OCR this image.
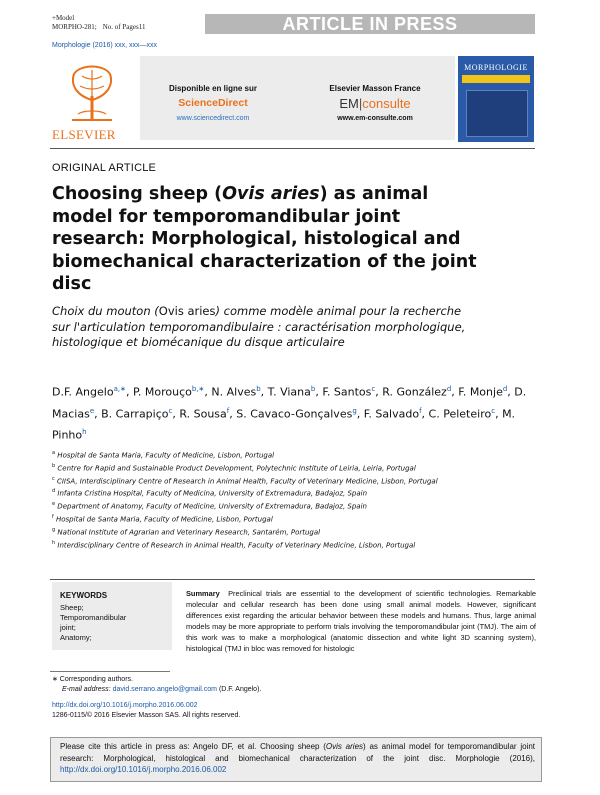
+Model
MORPHO-281; No. of Pages11	ARTICLE IN PRESS
Morphologie (2016) xxx, xxx—xxx
ELSEVIER
Disponible en ligne sur
ScienceDirect
www.sciencedirect.com
Elsevier Masson France
EM|consulte
www.em-consulte.com
MORPHOLOGIE
ORIGINAL ARTICLE
Choosing sheep (Ovis aries) as animal model for temporomandibular joint research: Morphological, histological and biomechanical characterization of the joint disc
Choix du mouton (Ovis aries) comme modèle animal pour la recherche sur l'articulation temporomandibulaire : caractérisation morphologique, histologique et biomécanique du disque articulaire
D.F. Angelo$^{a,∗}$, P. Morouço$^{b,∗}$, N. Alves$^b$, T. Viana$^b$, F. Santos$^c$, R. González$^d$, F. Monje$^d$, D. Macias$^e$, B. Carrapiço$^c$, R. Sousa$^f$, S. Cavaco-Gonçalves$^g$, F. Salvado$^f$, C. Peleteiro$^c$, M. Pinho$^h$
$^a$ Hospital de Santa Maria, Faculty of Medicine, Lisbon, Portugal
$^b$ Centre for Rapid and Sustainable Product Development, Polytechnic Institute of Leiria, Leiria, Portugal
$^c$ CIISA, Interdisciplinary Centre of Research in Animal Health, Faculty of Veterinary Medicine, Lisbon, Portugal
$^d$ Infanta Cristina Hospital, Faculty of Medicina, University of Extremadura, Badajoz, Spain
$^e$ Department of Anatomy, Faculty of Medicine, University of Extremadura, Badajoz, Spain
$^f$ Hospital de Santa Maria, Faculty of Medicine, Lisbon, Portugal
$^g$ National Institute of Agrarian and Veterinary Research, Santarém, Portugal
$^h$ Interdisciplinary Centre of Research in Animal Health, Faculty of Veterinary Medicine, Lisbon, Portugal
KEYWORDS
Sheep;
Temporomandibular
joint;
Anatomy;
Summary Preclinical trials are essential to the development of scientific technologies. Remarkable molecular and cellular research has been done using small animal models. However, significant differences exist regarding the articular behavior between these models and humans. Thus, large animal models may be more appropriate to perform trials involving the temporomandibular joint (TMJ). The aim of this work was to make a morphological (anatomic dissection and white light 3D scanning system), histological (TMJ in bloc was removed for histologic
∗ Corresponding authors.
E-mail address: david.serrano.angelo@gmail.com (D.F. Angelo).
http://dx.doi.org/10.1016/j.morpho.2016.06.002
1286-0115/© 2016 Elsevier Masson SAS. All rights reserved.
Please cite this article in press as: Angelo DF, et al. Choosing sheep (Ovis aries) as animal model for temporomandibular joint research: Morphological, histological and biomechanical characterization of the joint disc. Morphologie (2016), http://dx.doi.org/10.1016/j.morpho.2016.06.002
